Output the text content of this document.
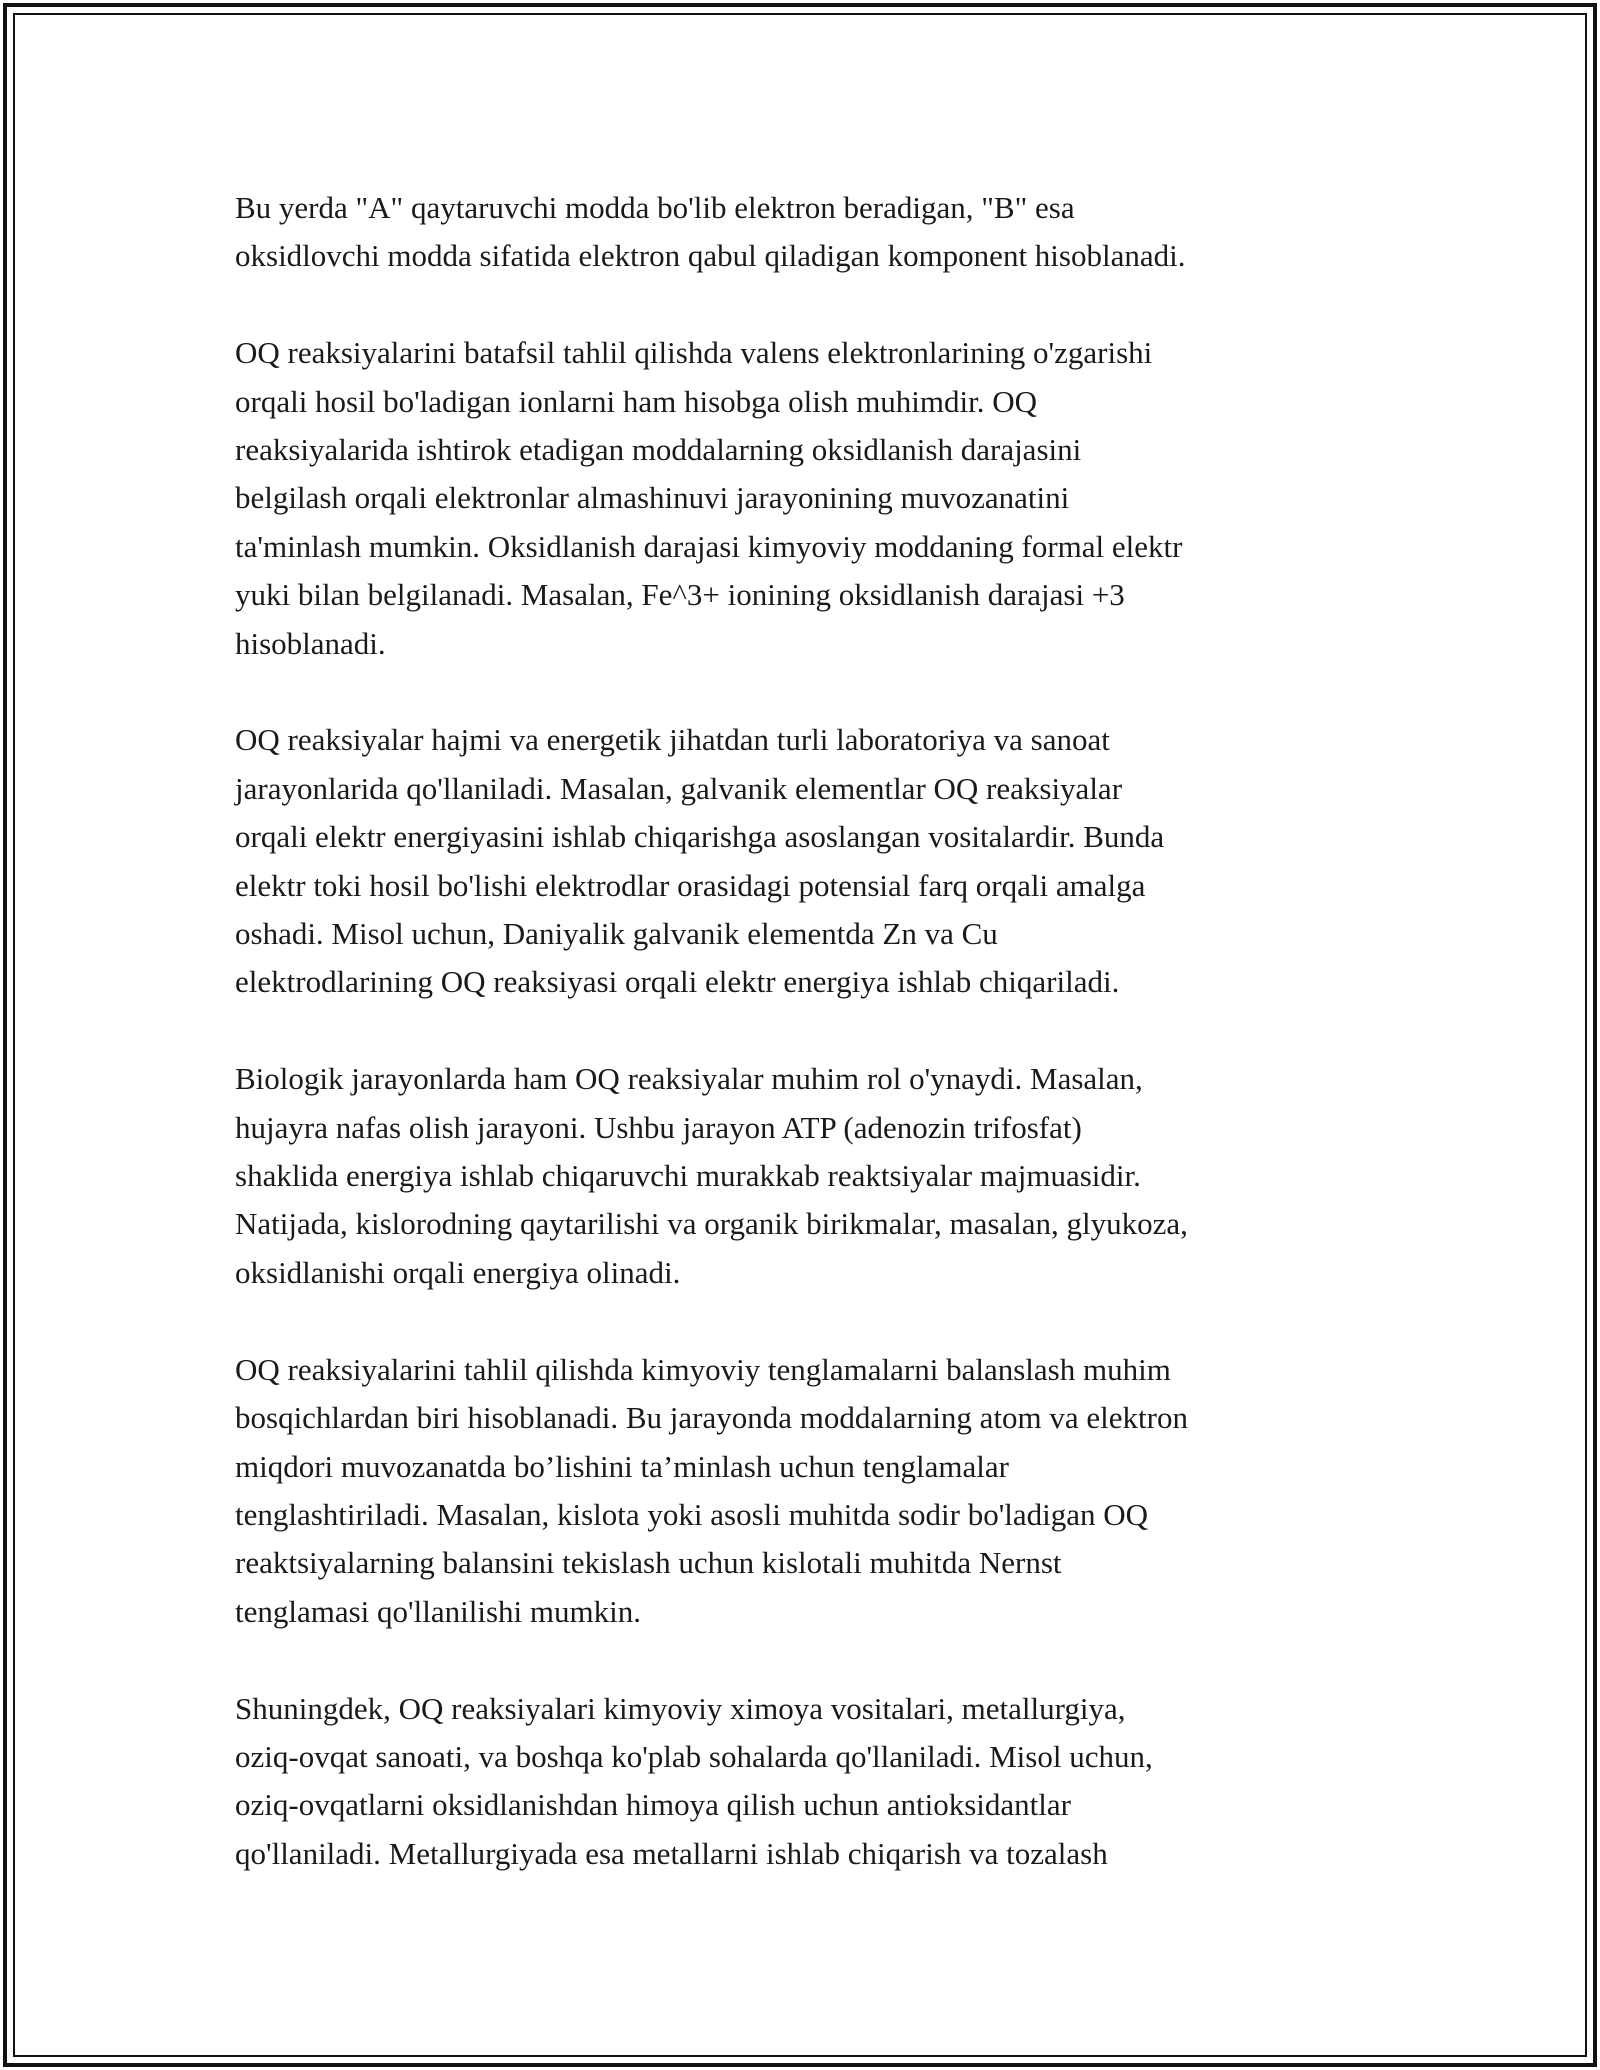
Bu yerda "A" qaytaruvchi modda bo'lib elektron beradigan, "B" esa
oksidlovchi modda sifatida elektron qabul qiladigan komponent hisoblanadi.

OQ reaksiyalarini batafsil tahlil qilishda valens elektronlarining o'zgarishi
orqali hosil bo'ladigan ionlarni ham hisobga olish muhimdir. OQ
reaksiyalarida ishtirok etadigan moddalarning oksidlanish darajasini
belgilash orqali elektronlar almashinuvi jarayonining muvozanatini
ta'minlash mumkin. Oksidlanish darajasi kimyoviy moddaning formal elektr
yuki bilan belgilanadi. Masalan, Fe^3+ ionining oksidlanish darajasi +3
hisoblanadi.

OQ reaksiyalar hajmi va energetik jihatdan turli laboratoriya va sanoat
jarayonlarida qo'llaniladi. Masalan, galvanik elementlar OQ reaksiyalar
orqali elektr energiyasini ishlab chiqarishga asoslangan vositalardir. Bunda
elektr toki hosil bo'lishi elektrodlar orasidagi potensial farq orqali amalga
oshadi. Misol uchun, Daniyalik galvanik elementda Zn va Cu
elektrodlarining OQ reaksiyasi orqali elektr energiya ishlab chiqariladi.

Biologik jarayonlarda ham OQ reaksiyalar muhim rol o'ynaydi. Masalan,
hujayra nafas olish jarayoni. Ushbu jarayon ATP (adenozin trifosfat)
shaklida energiya ishlab chiqaruvchi murakkab reaktsiyalar majmuasidir.
Natijada, kislorodning qaytarilishi va organik birikmalar, masalan, glyukoza,
oksidlanishi orqali energiya olinadi.

OQ reaksiyalarini tahlil qilishda kimyoviy tenglamalarni balanslash muhim
bosqichlardan biri hisoblanadi. Bu jarayonda moddalarning atom va elektron
miqdori muvozanatda bo’lishini ta’minlash uchun tenglamalar
tenglashtiriladi. Masalan, kislota yoki asosli muhitda sodir bo'ladigan OQ
reaktsiyalarning balansini tekislash uchun kislotali muhitda Nernst
tenglamasi qo'llanilishi mumkin.

Shuningdek, OQ reaksiyalari kimyoviy ximoya vositalari, metallurgiya,
oziq-ovqat sanoati, va boshqa ko'plab sohalarda qo'llaniladi. Misol uchun,
oziq-ovqatlarni oksidlanishdan himoya qilish uchun antioksidantlar
qo'llaniladi. Metallurgiyada esa metallarni ishlab chiqarish va tozalash
